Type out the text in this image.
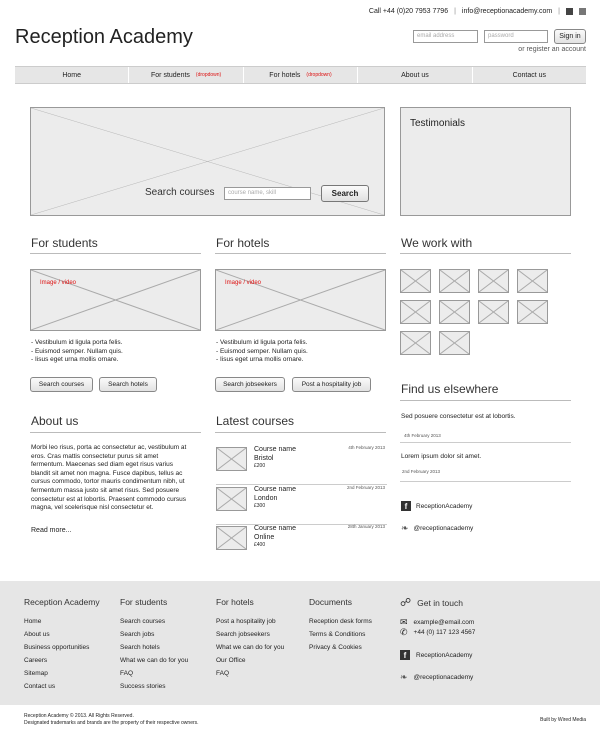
Call +44 (0)20 7953 7796 | info@receptionacademy.com |
Reception Academy	email address	password	Sign in
or register an account
Home	For students (dropdown)	For hotels (dropdown)	About us	Contact us
Search courses	course name, skill	Search
Testimonials
For students	For hotels	We work with
Image / video
- Vestibulum id ligula porta felis.
- Euismod semper. Nullam quis.
- Iisus eget urna mollis ornare.
Search courses	Search hotels
Image / video
- Vestibulum id ligula porta felis.
- Euismod semper. Nullam quis.
- Iisus eget urna mollis ornare.
Search jobseekers	Post a hospitality job	Find us elsewhere
Sed posuere consectetur est at lobortis.
4th February 2013
Lorem ipsum dolor sit amet.
2nd February 2013
f	ReceptionAcademy
❧ @receptionacademy
About us
Morbi leo risus, porta ac consectetur ac, vestibulum at
eros. Cras mattis consectetur purus sit amet
fermentum. Maecenas sed diam eget risus varius
blandit sit amet non magna. Fusce dapibus, tellus ac
cursus commodo, tortor mauris condimentum nibh, ut
fermentum massa justo sit amet risus. Sed posuere
consectetur est at lobortis. Praesent commodo cursus
magna, vel scelerisque nisl consectetur et.
Read more...
Latest courses
Course name
Bristol
£200
4th February 2013
Course name
London
£300
2nd February 2013
Course name
Online
£400
28th January 2013
Reception Academy
Home
About us
Business opportunities
Careers
Sitemap
Contact us
For students
Search courses
Search jobs
Search hotels
What we can do for you
FAQ
Success stories
For hotels
Post a hospitality job
Search jobseekers
What we can do for you
Our Office
FAQ
Documents
Reception desk forms
Terms & Conditions
Privacy & Cookies
☍ Get in touch
✉ example@email.com
✆ +44 (0) 117 123 4567
f	ReceptionAcademy
❧ @receptionacademy
Reception Academy © 2013. All Rights Reserved.
Designated trademarks and brands are the property of their respective owners.	Built by Wired Media
